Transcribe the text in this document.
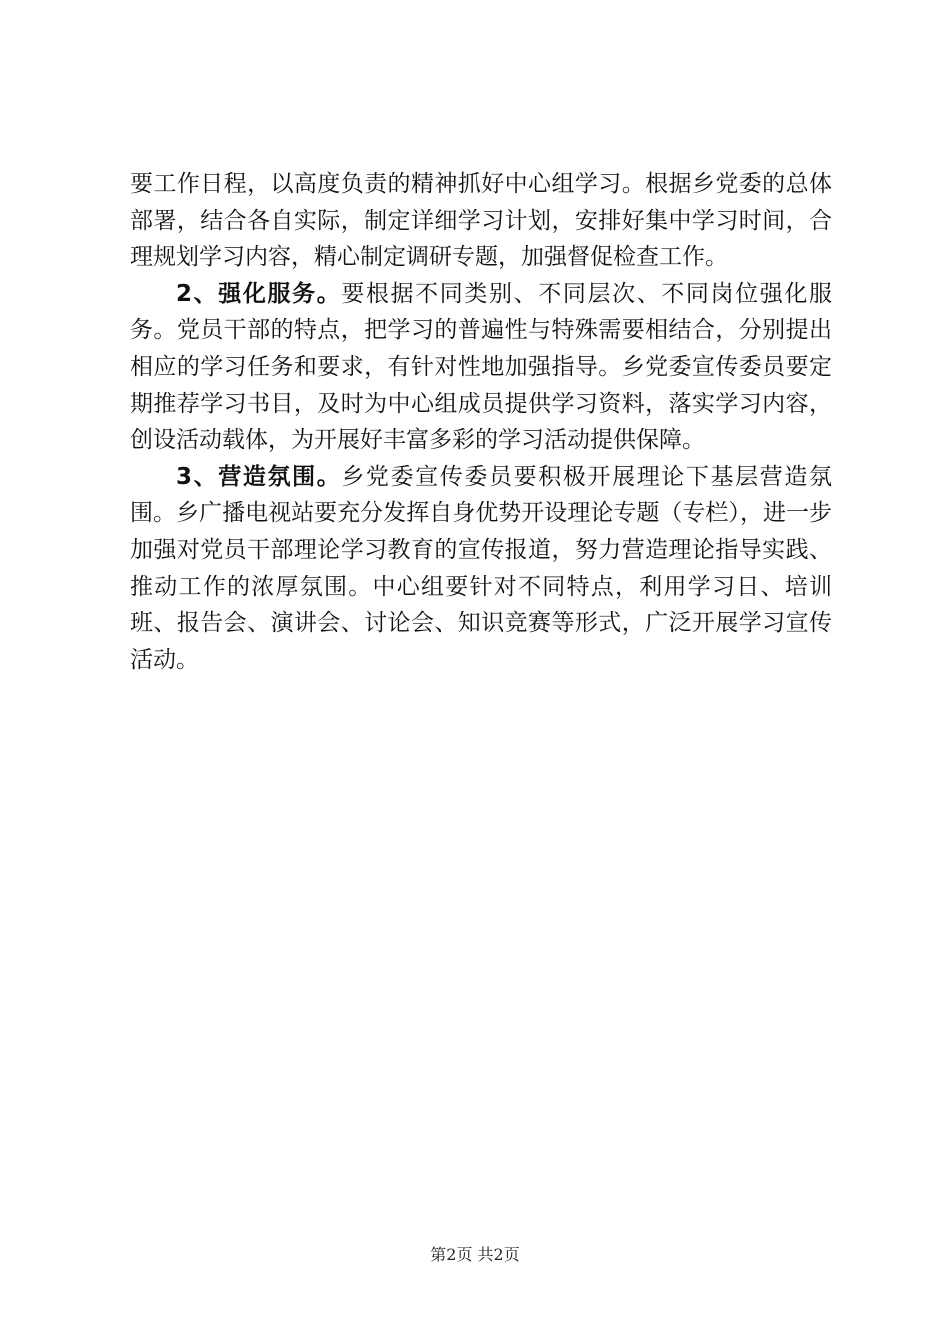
要工作日程，以高度负责的精神抓好中心组学习。根据乡党委的总体部署，结合各自实际，制定详细学习计划，安排好集中学习时间，合理规划学习内容，精心制定调研专题，加强督促检查工作。

2、强化服务。要根据不同类别、不同层次、不同岗位强化服务。党员干部的特点，把学习的普遍性与特殊需要相结合，分别提出相应的学习任务和要求，有针对性地加强指导。乡党委宣传委员要定期推荐学习书目，及时为中心组成员提供学习资料，落实学习内容，创设活动载体，为开展好丰富多彩的学习活动提供保障。

3、营造氛围。乡党委宣传委员要积极开展理论下基层营造氛围。乡广播电视站要充分发挥自身优势开设理论专题（专栏），进一步加强对党员干部理论学习教育的宣传报道，努力营造理论指导实践、推动工作的浓厚氛围。中心组要针对不同特点，利用学习日、培训班、报告会、演讲会、讨论会、知识竞赛等形式，广泛开展学习宣传活动。

第2页 共2页
